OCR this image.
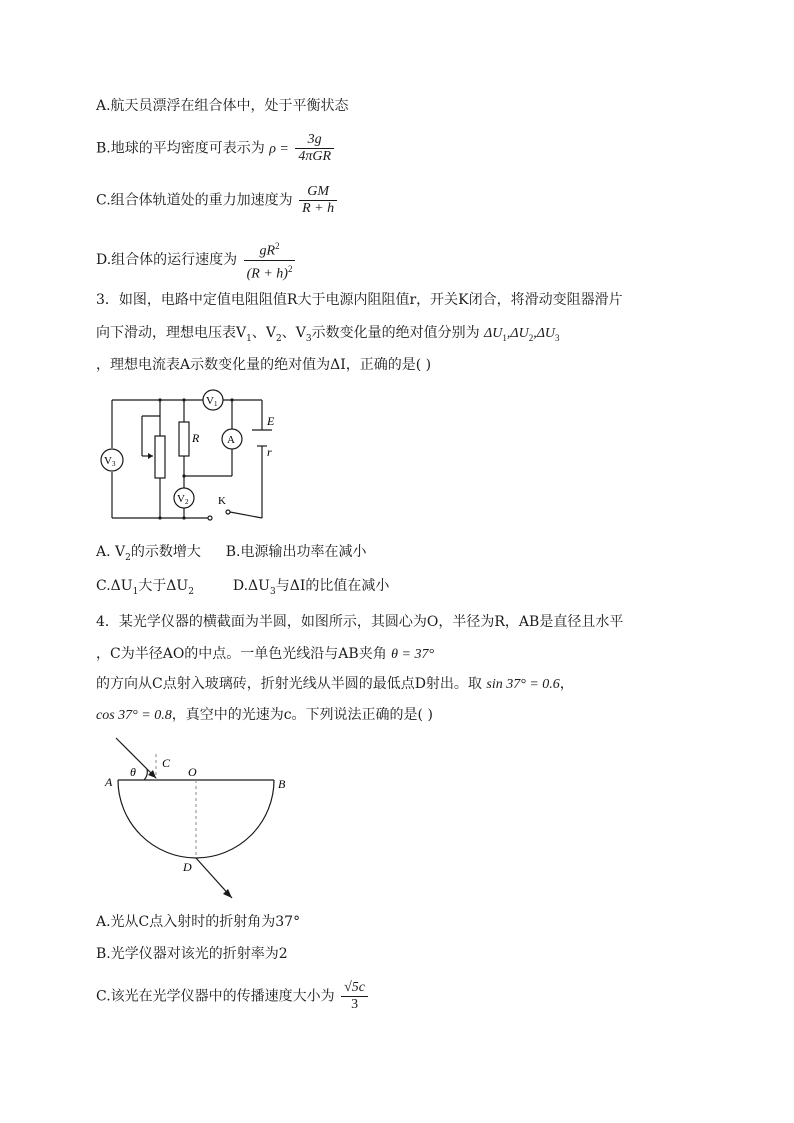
A.航天员漂浮在组合体中，处于平衡状态
B.地球的平均密度可表示为 $\rho = \frac{3g}{\text{4πGR}}$
C.组合体轨道处的重力加速度为 $\frac{GM}{R + h}$
D.组合体的运行速度为 $\frac{gR^2}{(R + h)^2}$
3．如图，电路中定值电阻阻值R大于电源内阻阻值r，开关K闭合，将滑动变阻器滑片
向下滑动，理想电压表$V_1$、$V_2$、$V_3$示数变化量的绝对值分别为 $\Delta U_1,\Delta U_2,\Delta U_3$
，理想电流表A示数变化量的绝对值为ΔI，正确的是( )
V1
V2
V3
A
R
E
r
K
A. $V_2$的示数增大 B.电源输出功率在减小
$C.\Delta U_1$大于$\Delta U_2$	$D.\Delta U_3$与ΔI的比值在减小
4．某光学仪器的横截面为半圆，如图所示，其圆心为O，半径为R，AB是直径且水平
，C为半径AO的中点。一单色光线沿与AB夹角 θ = 37°
的方向从C点射入玻璃砖，折射光线从半圆的最低点D射出。取 sin 37° = 0.6，
cos 37° = 0.8，真空中的光速为c。下列说法正确的是( )
A	B
C
O
D
θ
A.光从C点入射时的折射角为37°
B.光学仪器对该光的折射率为2
C.该光在光学仪器中的传播速度大小为 $\frac{√5c}{3}$
